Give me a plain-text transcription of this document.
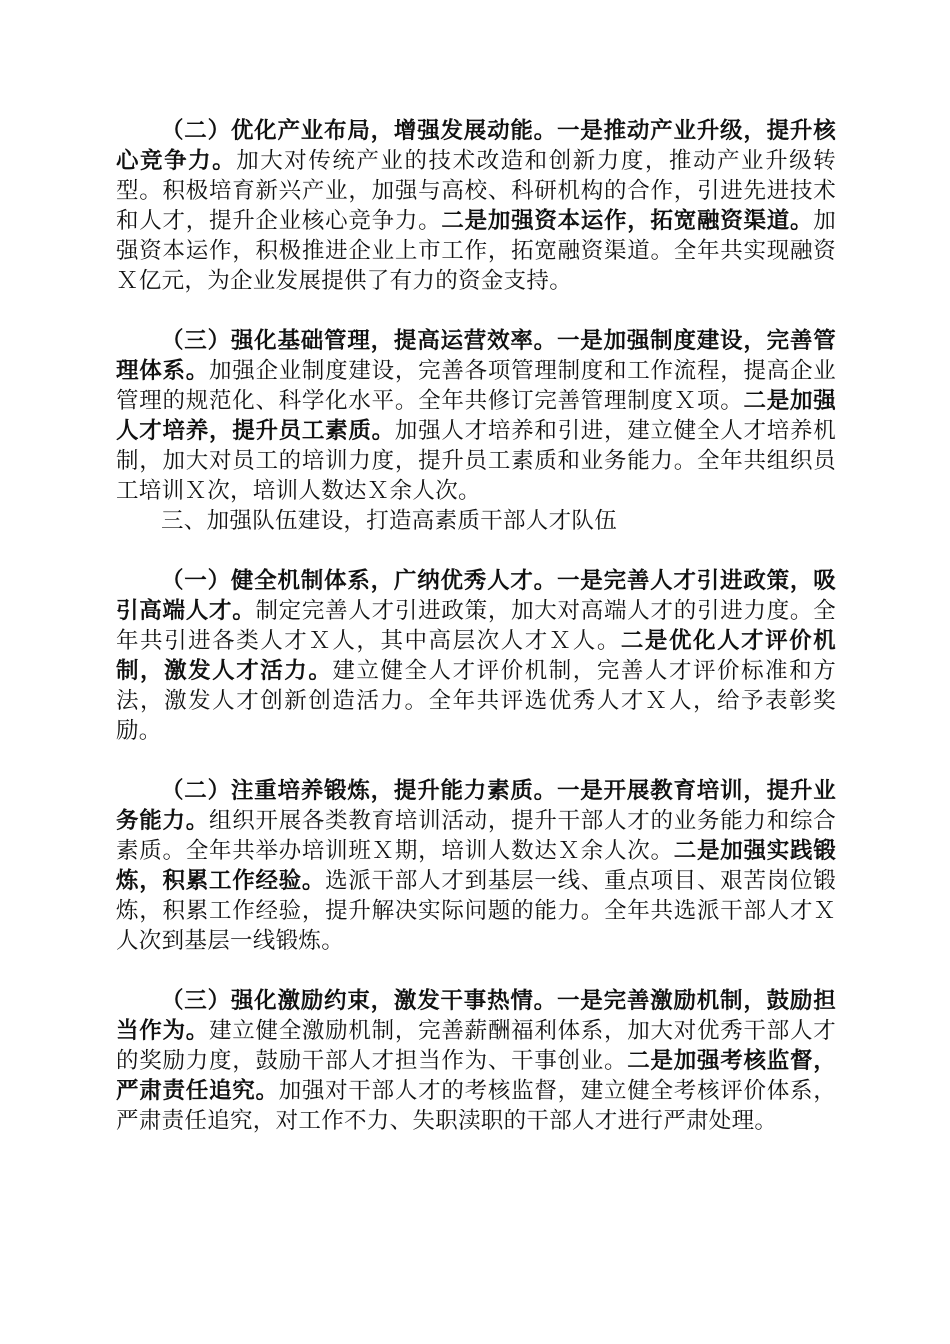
（二）优化产业布局，增强发展动能。一是推动产业升级，提升核心竞争力。加大对传统产业的技术改造和创新力度，推动产业升级转型。积极培育新兴产业，加强与高校、科研机构的合作，引进先进技术和人才，提升企业核心竞争力。二是加强资本运作，拓宽融资渠道。加强资本运作，积极推进企业上市工作，拓宽融资渠道。全年共实现融资Ｘ亿元，为企业发展提供了有力的资金支持。

（三）强化基础管理，提高运营效率。一是加强制度建设，完善管理体系。加强企业制度建设，完善各项管理制度和工作流程，提高企业管理的规范化、科学化水平。全年共修订完善管理制度Ｘ项。二是加强人才培养，提升员工素质。加强人才培养和引进，建立健全人才培养机制，加大对员工的培训力度，提升员工素质和业务能力。全年共组织员工培训Ｘ次，培训人数达Ｘ余人次。

三、加强队伍建设，打造高素质干部人才队伍

（一）健全机制体系，广纳优秀人才。一是完善人才引进政策，吸引高端人才。制定完善人才引进政策，加大对高端人才的引进力度。全年共引进各类人才Ｘ人，其中高层次人才Ｘ人。二是优化人才评价机制，激发人才活力。建立健全人才评价机制，完善人才评价标准和方法，激发人才创新创造活力。全年共评选优秀人才Ｘ人，给予表彰奖励。

（二）注重培养锻炼，提升能力素质。一是开展教育培训，提升业务能力。组织开展各类教育培训活动，提升干部人才的业务能力和综合素质。全年共举办培训班Ｘ期，培训人数达Ｘ余人次。二是加强实践锻炼，积累工作经验。选派干部人才到基层一线、重点项目、艰苦岗位锻炼，积累工作经验，提升解决实际问题的能力。全年共选派干部人才Ｘ人次到基层一线锻炼。

（三）强化激励约束，激发干事热情。一是完善激励机制，鼓励担当作为。建立健全激励机制，完善薪酬福利体系，加大对优秀干部人才的奖励力度，鼓励干部人才担当作为、干事创业。二是加强考核监督，严肃责任追究。加强对干部人才的考核监督，建立健全考核评价体系，严肃责任追究，对工作不力、失职渎职的干部人才进行严肃处理。
